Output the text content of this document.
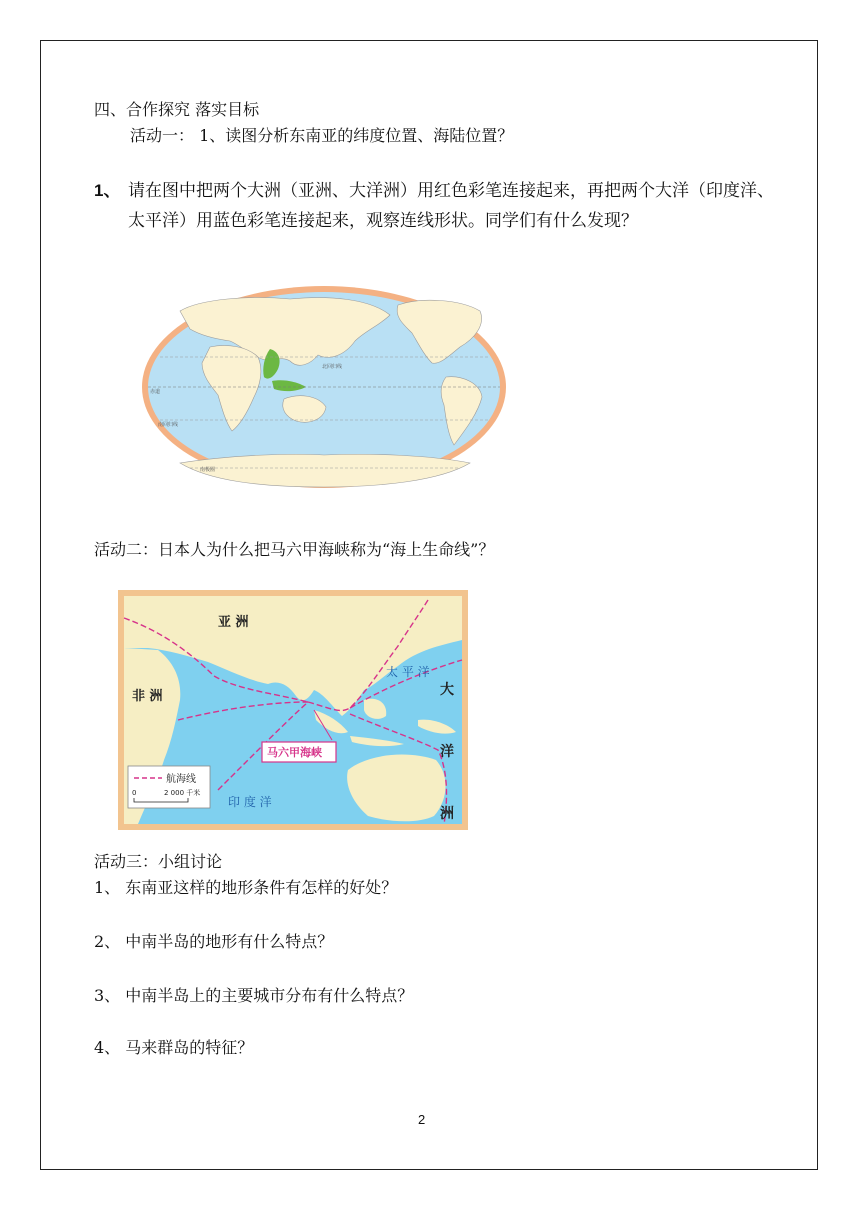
四、合作探究 落实目标
活动一： 1、读图分析东南亚的纬度位置、海陆位置？
1、 请在图中把两个大洲（亚洲、大洋洲）用红色彩笔连接起来，再把两个大洋（印度洋、太平洋）用蓝色彩笔连接起来，观察连线形状。同学们有什么发现？
北回归线
赤道
南回归线
南极圈
活动二：日本人为什么把马六甲海峡称为“海上生命线”？
亚 洲
非 洲
太 平 洋
大
洋
洲
印 度 洋
马六甲海峡
航海线
0	2 000 千米
活动三：小组讨论
1、 东南亚这样的地形条件有怎样的好处？
2、 中南半岛的地形有什么特点？
3、 中南半岛上的主要城市分布有什么特点？
4、 马来群岛的特征？
2
